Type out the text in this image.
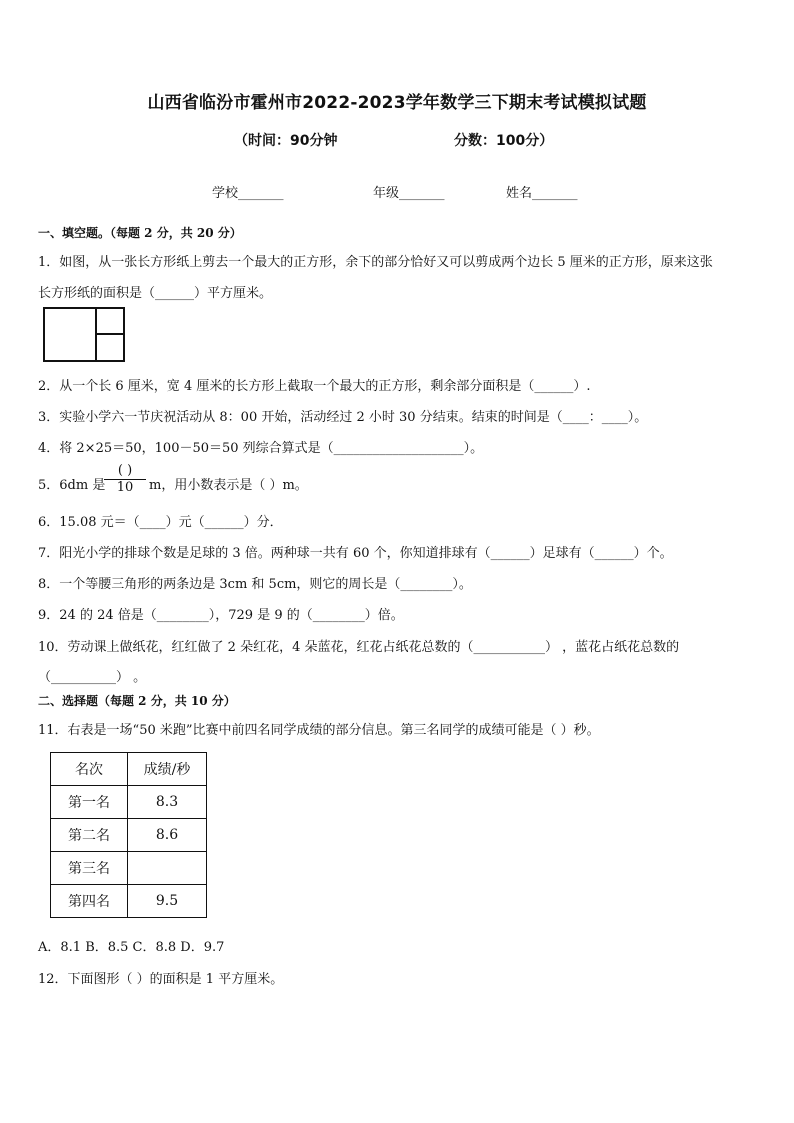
山西省临汾市霍州市2022-2023学年数学三下期末考试模拟试题
（时间：90分钟	分数：100分）
学校_______	年级_______	姓名_______
一、填空题。（每题 2 分，共 20 分）
1．如图，从一张长方形纸上剪去一个最大的正方形，余下的部分恰好又可以剪成两个边长 5 厘米的正方形，原来这张
长方形纸的面积是（______）平方厘米。
2．从一个长 6 厘米，宽 4 厘米的长方形上截取一个最大的正方形，剩余部分面积是（______）.
3．实验小学六一节庆祝活动从 8：00 开始，活动经过 2 小时 30 分结束。结束的时间是（____：____）。
4．将 2×25＝50，100－50＝50 列综合算式是（____________________）。
5．6dm 是
( )
10	m，用小数表示是（ ）m。
6．15.08 元＝（____）元（______）分．
7．阳光小学的排球个数是足球的 3 倍。两种球一共有 60 个，你知道排球有（______）足球有（______）个。
8．一个等腰三角形的两条边是 3cm 和 5cm，则它的周长是（________）。
9．24 的 24 倍是（________），729 是 9 的（________）倍。
10．劳动课上做纸花，红红做了 2 朵红花，4 朵蓝花，红花占纸花总数的（___________） ，蓝花占纸花总数的
（__________） 。
二、选择题（每题 2 分，共 10 分）
11．右表是一场“50 米跑”比赛中前四名同学成绩的部分信息。第三名同学的成绩可能是（ ）秒。
名次	成绩/秒
第一名	8.3
第二名	8.6
第三名	
第四名	9.5
A．8.1 B．8.5 C．8.8 D．9.7
12．下面图形（ ）的面积是 1 平方厘米。
